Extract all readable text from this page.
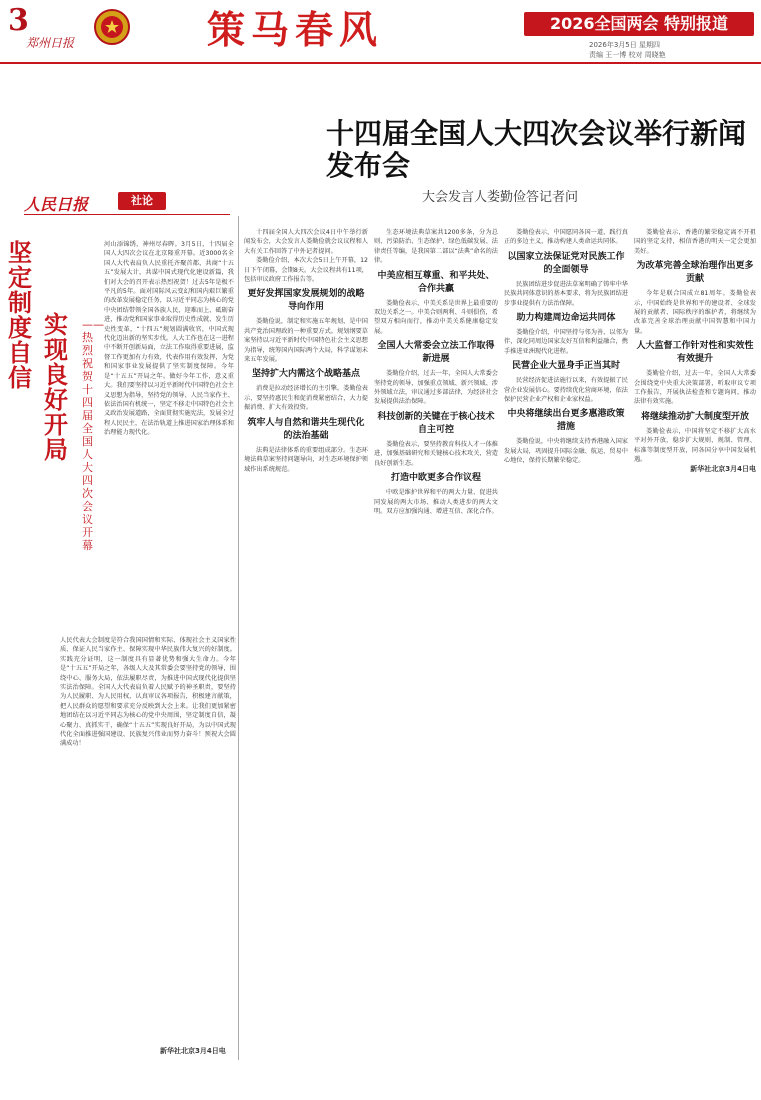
3
郑州日报	策马春风	2026全国两会 特别报道
2026年3月5日 星期四
责编 王一博 校对 周晓艳
十四届全国人大四次会议举行新闻发布会
大会发言人娄勤俭答记者问
人民日报	社论
坚定制度自信
实现良好开局
——热烈祝贺十四届全国人大四次会议开幕
河山添锦绣，神州尽春晖。3月5日，十四届全国人大四次会议在北京隆重开幕。近3000名全国人大代表肩负人民重托齐聚首都，共商“十五五”发展大计，共谋中国式现代化建设新篇，我们对大会的召开表示热烈祝贺！过去5年是极不平凡的5年。面对国际风云变幻和国内艰巨繁重的改革发展稳定任务，以习近平同志为核心的党中央团结带领全国各族人民，迎难而上、砥砺奋进，推动党和国家事业取得历史性成就、发生历史性变革，“十四五”规划圆满收官，中国式现代化迈出新的坚实步伐。人大工作也在这一进程中不断开创新局面，立法工作取得重要进展，监督工作更加有力有效，代表作用有效发挥，为党和国家事业发展提供了坚实制度保障。今年是“十五五”开局之年。做好今年工作，意义重大。我们要坚持以习近平新时代中国特色社会主义思想为指导，坚持党的领导、人民当家作主、依法治国有机统一，坚定不移走中国特色社会主义政治发展道路，全面贯彻实施宪法，发展全过程人民民主，在法治轨道上推进国家治理体系和治理能力现代化。
人民代表大会制度是符合我国国情和实际、体现社会主义国家性质、保证人民当家作主、保障实现中华民族伟大复兴的好制度。实践充分证明，这一制度具有显著优势和强大生命力。今年是“十五五”开局之年，各级人大及其常委会要坚持党的领导，围绕中心、服务大局，依法履职尽责，为推进中国式现代化提供坚实法治保障。全国人大代表肩负着人民赋予的神圣职责，要坚持为人民履职、为人民用权，认真审议各项报告，积极建言献策，把人民群众的愿望和要求充分反映到大会上来。让我们更加紧密地团结在以习近平同志为核心的党中央周围，坚定制度自信，凝心聚力、真抓实干，确保“十五五”实现良好开局，为以中国式现代化全面推进强国建设、民族复兴伟业而努力奋斗！预祝大会圆满成功！
新华社北京3月4日电

十四届全国人大四次会议4日中午举行新闻发布会，大会发言人娄勤俭就会议议程和人大有关工作回答了中外记者提问。

娄勤俭介绍，本次大会5日上午开幕，12日下午闭幕，会期8天。大会议程共有11项，包括审议政府工作报告等。

更好发挥国家发展规划的战略导向作用

娄勤俭说，制定和实施五年规划，是中国共产党治国理政的一种重要方式。规划纲要草案坚持以习近平新时代中国特色社会主义思想为指导，统筹国内国际两个大局，科学谋划未来五年发展。

坚持扩大内需这个战略基点

消费是拉动经济增长的主引擎。娄勤俭表示，要坚持惠民生和促消费紧密结合，大力提振消费、扩大有效投资。

筑牢人与自然和谐共生现代化的法治基础

法典是法律体系的重要组成部分。生态环境法典草案坚持问题导向，对生态环境保护领域作出系统规范。

生态环境法典草案共1200多条，分为总则、污染防治、生态保护、绿色低碳发展、法律责任等编，是我国第二部以“法典”命名的法律。

中美应相互尊重、和平共处、合作共赢

娄勤俭表示，中美关系是世界上最重要的双边关系之一。中美合则两利、斗则俱伤，希望双方相向而行，推动中美关系健康稳定发展。

全国人大常委会立法工作取得新进展

娄勤俭介绍，过去一年，全国人大常委会坚持党的领导，加强重点领域、新兴领域、涉外领域立法，审议通过多部法律，为经济社会发展提供法治保障。

科技创新的关键在于核心技术自主可控

娄勤俭表示，要坚持教育科技人才一体推进，加强基础研究和关键核心技术攻关，营造良好创新生态。

打造中欧更多合作议程

中欧是维护世界和平的两大力量、促进共同发展的两大市场、推动人类进步的两大文明。双方应加强沟通、增进互信、深化合作。

娄勤俭表示，中国愿同各国一道，践行真正的多边主义，推动构建人类命运共同体。

以国家立法保证党对民族工作的全面领导

民族团结进步促进法草案明确了铸牢中华民族共同体意识的基本要求，将为民族团结进步事业提供有力法治保障。

助力构建周边命运共同体

娄勤俭介绍，中国坚持与邻为善、以邻为伴，深化同周边国家友好互信和利益融合，携手推进亚洲现代化进程。

民营企业大显身手正当其时

民营经济促进法施行以来，有效提振了民营企业发展信心。要持续优化营商环境，依法保护民营企业产权和企业家权益。

中央将继续出台更多惠港政策措施

娄勤俭说，中央将继续支持香港融入国家发展大局，巩固提升国际金融、航运、贸易中心地位，保持长期繁荣稳定。

娄勤俭表示，香港的繁荣稳定离不开祖国的坚定支持，相信香港的明天一定会更加美好。

为改革完善全球治理作出更多贡献

今年是联合国成立81周年。娄勤俭表示，中国始终是世界和平的建设者、全球发展的贡献者、国际秩序的维护者，将继续为改革完善全球治理贡献中国智慧和中国力量。

人大监督工作针对性和实效性有效提升

娄勤俭介绍，过去一年，全国人大常委会围绕党中央重大决策部署，听取审议专项工作报告，开展执法检查和专题询问，推动法律有效实施。

将继续推动扩大制度型开放

娄勤俭表示，中国将坚定不移扩大高水平对外开放，稳步扩大规则、规制、管理、标准等制度型开放，同各国分享中国发展机遇。

新华社北京3月4日电
